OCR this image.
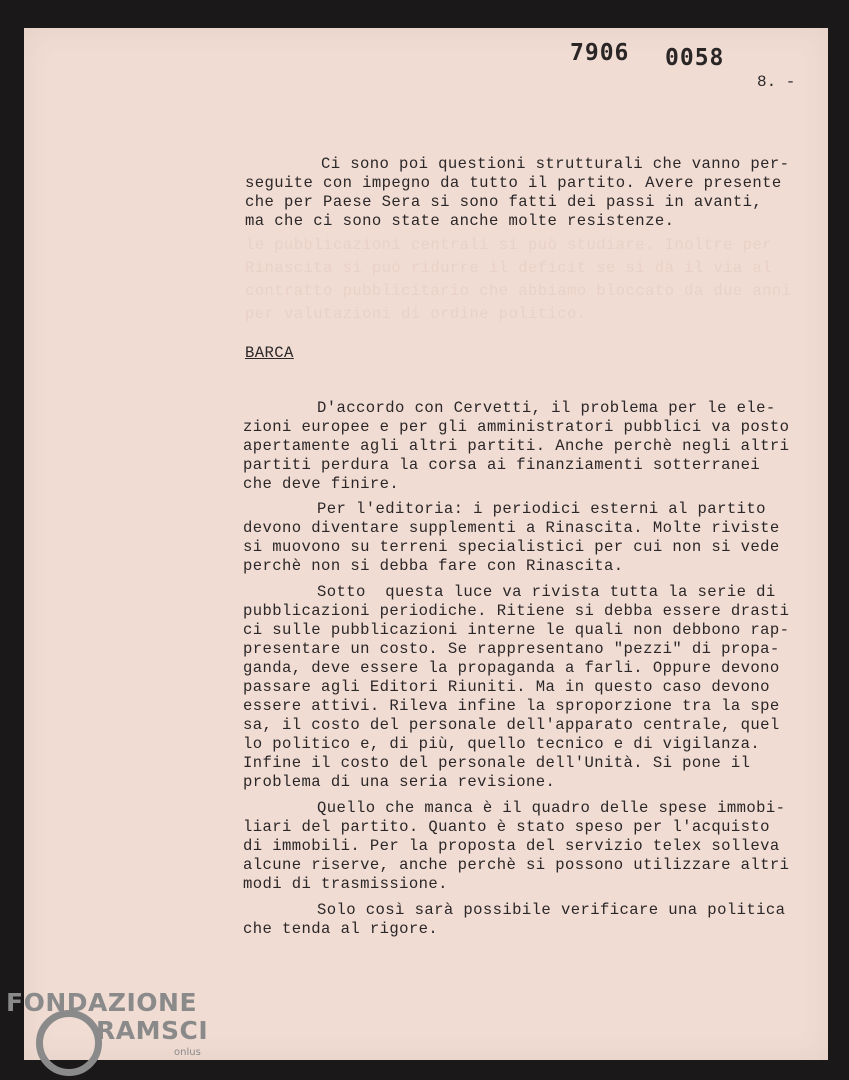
le pubblicazioni centrali si può studiare. Inoltre per
Rinascita si può ridurre il deficit se si dà il via al
contratto pubblicitario che abbiamo bloccato da due anni
per valutazioni di ordine politico.
7906 0058
8. -
Ci sono poi questioni strutturali che vanno per-
seguite con impegno da tutto il partito. Avere presente
che per Paese Sera si sono fatti dei passi in avanti,
ma che ci sono state anche molte resistenze.
BARCA
D'accordo con Cervetti, il problema per le ele-
zioni europee e per gli amministratori pubblici va posto
apertamente agli altri partiti. Anche perchè negli altri
partiti perdura la corsa ai finanziamenti sotterranei
che deve finire.
Per l'editoria: i periodici esterni al partito
devono diventare supplementi a Rinascita. Molte riviste
si muovono su terreni specialistici per cui non si vede
perchè non si debba fare con Rinascita.
Sotto  questa luce va rivista tutta la serie di
pubblicazioni periodiche. Ritiene si debba essere drasti
ci sulle pubblicazioni interne le quali non debbono rap-
presentare un costo. Se rappresentano "pezzi" di propa-
ganda, deve essere la propaganda a farli. Oppure devono
passare agli Editori Riuniti. Ma in questo caso devono
essere attivi. Rileva infine la sproporzione tra la spe
sa, il costo del personale dell'apparato centrale, quel
lo politico e, di più, quello tecnico e di vigilanza.
Infine il costo del personale dell'Unità. Si pone il
problema di una seria revisione.
Quello che manca è il quadro delle spese immobi-
liari del partito. Quanto è stato speso per l'acquisto
di immobili. Per la proposta del servizio telex solleva
alcune riserve, anche perchè si possono utilizzare altri
modi di trasmissione.
Solo così sarà possibile verificare una politica
che tenda al rigore.
FONDAZIONE
RAMSCI
onlus
